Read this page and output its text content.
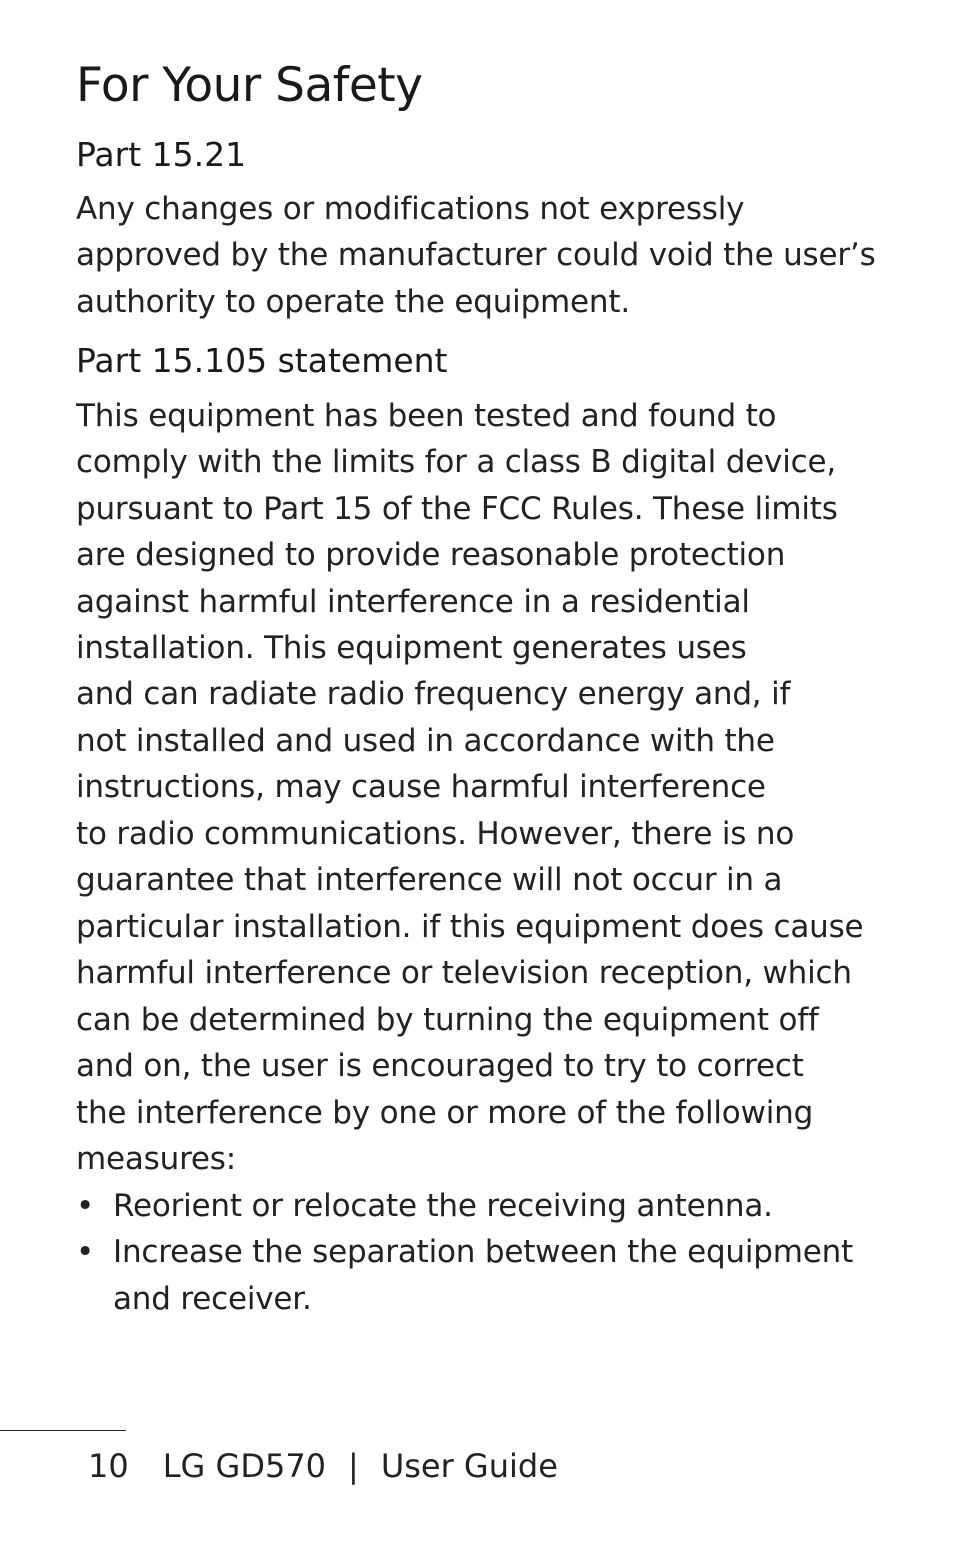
For Your Safety
Part 15.21

Any changes or modifications not expressly

approved by the manufacturer could void the user’s

authority to operate the equipment.

Part 15.105 statement

This equipment has been tested and found to

comply with the limits for a class B digital device,

pursuant to Part 15 of the FCC Rules. These limits

are designed to provide reasonable protection

against harmful interference in a residential

installation. This equipment generates uses

and can radiate radio frequency energy and, if

not installed and used in accordance with the

instructions, may cause harmful interference

to radio communications. However, there is no

guarantee that interference will not occur in a

particular installation. if this equipment does cause

harmful interference or television reception, which

can be determined by turning the equipment off

and on, the user is encouraged to try to correct

the interference by one or more of the following

measures:

• Reorient or relocate the receiving antenna.

• Increase the separation between the equipment

and receiver.

10 LG GD570 | User Guide
